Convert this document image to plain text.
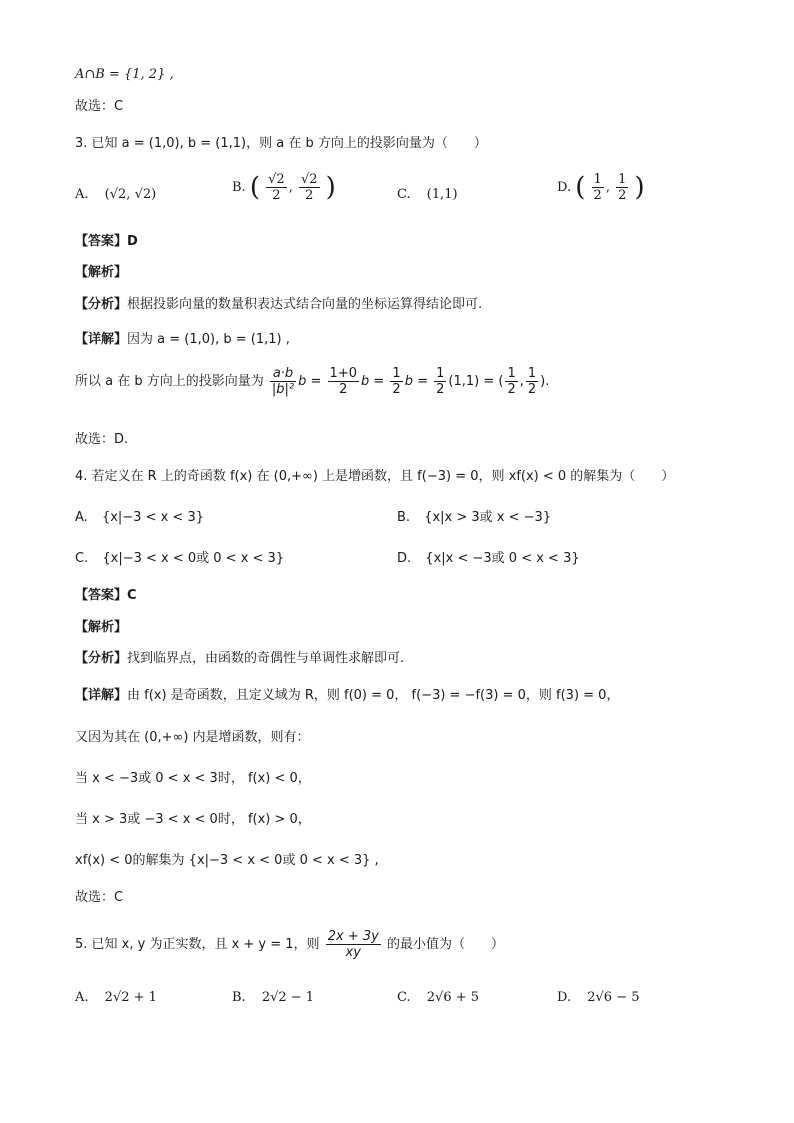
A∩B = {1, 2} ,
故选：C
3. 已知 a = (1,0), b = (1,1)，则 a 在 b 方向上的投影向量为（　　）
A. (√2, √2)	B. ( $\frac{√2}{2}$ , $\frac{√2}{2}$ )	C. (1,1)	D. ( $\frac{1}{2}$ , $\frac{1}{2}$ )
【答案】D
【解析】
【分析】根据投影向量的数量积表达式结合向量的坐标运算得结论即可.
【详解】因为 a = (1,0), b = (1,1) ,
所以 a 在 b 方向上的投影向量为 $\frac{a\cdot b}{\text{|b|²}}$ $b = \frac{1+0}{2}$ $b = \frac{1}{2}$ $b = \frac{1}{2} (1,1)$ = ( $\frac{1}{2}$ , $\frac{1}{2}$ ).
故选：D.
4. 若定义在 R 上的奇函数 f(x) 在 (0,+∞) 上是增函数，且 f(−3) = 0，则 xf(x) < 0 的解集为（　　）
A. {x|−3 < x < 3}	B. {x|x > 3或 x < −3}
C. {x|−3 < x < 0或 0 < x < 3}	D. {x|x < −3或 0 < x < 3}
【答案】C
【解析】
【分析】找到临界点，由函数的奇偶性与单调性求解即可.
【详解】由 f(x) 是奇函数，且定义域为 R，则 f(0) = 0， f(−3) = −f(3) = 0，则 f(3) = 0，
又因为其在 (0,+∞) 内是增函数，则有：
当 x < −3或 0 < x < 3时， f(x) < 0，
当 x > 3或 −3 < x < 0时， f(x) > 0，
xf(x) < 0的解集为 {x|−3 < x < 0或 0 < x < 3} ,
故选：C
5. 已知 x, y 为正实数，且 x + y = 1，则 $\frac{2x + 3y}{xy}$ 的最小值为（　　）
A. 2√2 + 1	B. 2√2 − 1	C. 2√6 + 5	D. 2√6 − 5
